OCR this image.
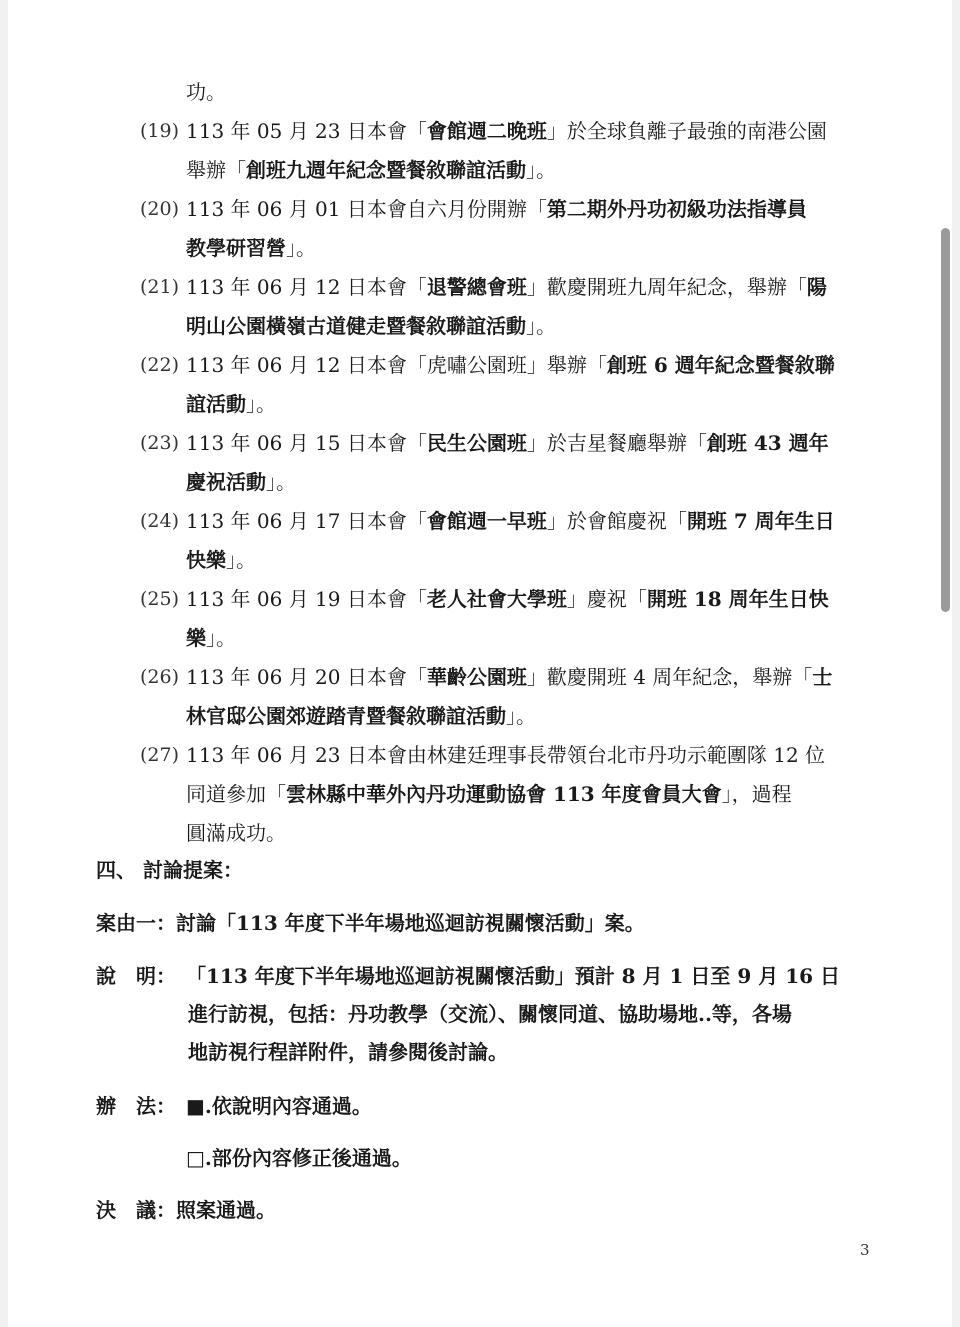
功。
(19) 113 年 05 月 23 日本會「會館週二晚班」於全球負離子最強的南港公園
舉辦「創班九週年紀念暨餐敘聯誼活動」。
(20) 113 年 06 月 01 日本會自六月份開辦「第二期外丹功初級功法指導員
教學研習營」。
(21) 113 年 06 月 12 日本會「退警總會班」歡慶開班九周年紀念，舉辦「陽
明山公園橫嶺古道健走暨餐敘聯誼活動」。
(22) 113 年 06 月 12 日本會「虎嘯公園班」舉辦「創班 6 週年紀念暨餐敘聯
誼活動」。
(23) 113 年 06 月 15 日本會「民生公園班」於吉星餐廳舉辦「創班 43 週年
慶祝活動」。
(24) 113 年 06 月 17 日本會「會館週一早班」於會館慶祝「開班 7 周年生日
快樂」。
(25) 113 年 06 月 19 日本會「老人社會大學班」慶祝「開班 18 周年生日快
樂」。
(26) 113 年 06 月 20 日本會「華齡公園班」歡慶開班 4 周年紀念，舉辦「士
林官邸公園郊遊踏青暨餐敘聯誼活動」。
(27) 113 年 06 月 23 日本會由林建廷理事長帶領台北市丹功示範團隊 12 位
同道參加「雲林縣中華外內丹功運動協會 113 年度會員大會」，過程
圓滿成功。
四、 討論提案：
案由一：討論「113 年度下半年場地巡迴訪視關懷活動」案。
說　明： 「113 年度下半年場地巡迴訪視關懷活動」預計 8 月 1 日至 9 月 16 日
進行訪視，包括：丹功教學（交流）、關懷同道、協助場地..等，各場
地訪視行程詳附件，請參閱後討論。
辦　法： ■.依說明內容通過。
□.部份內容修正後通過。
決　議：照案通過。
3
